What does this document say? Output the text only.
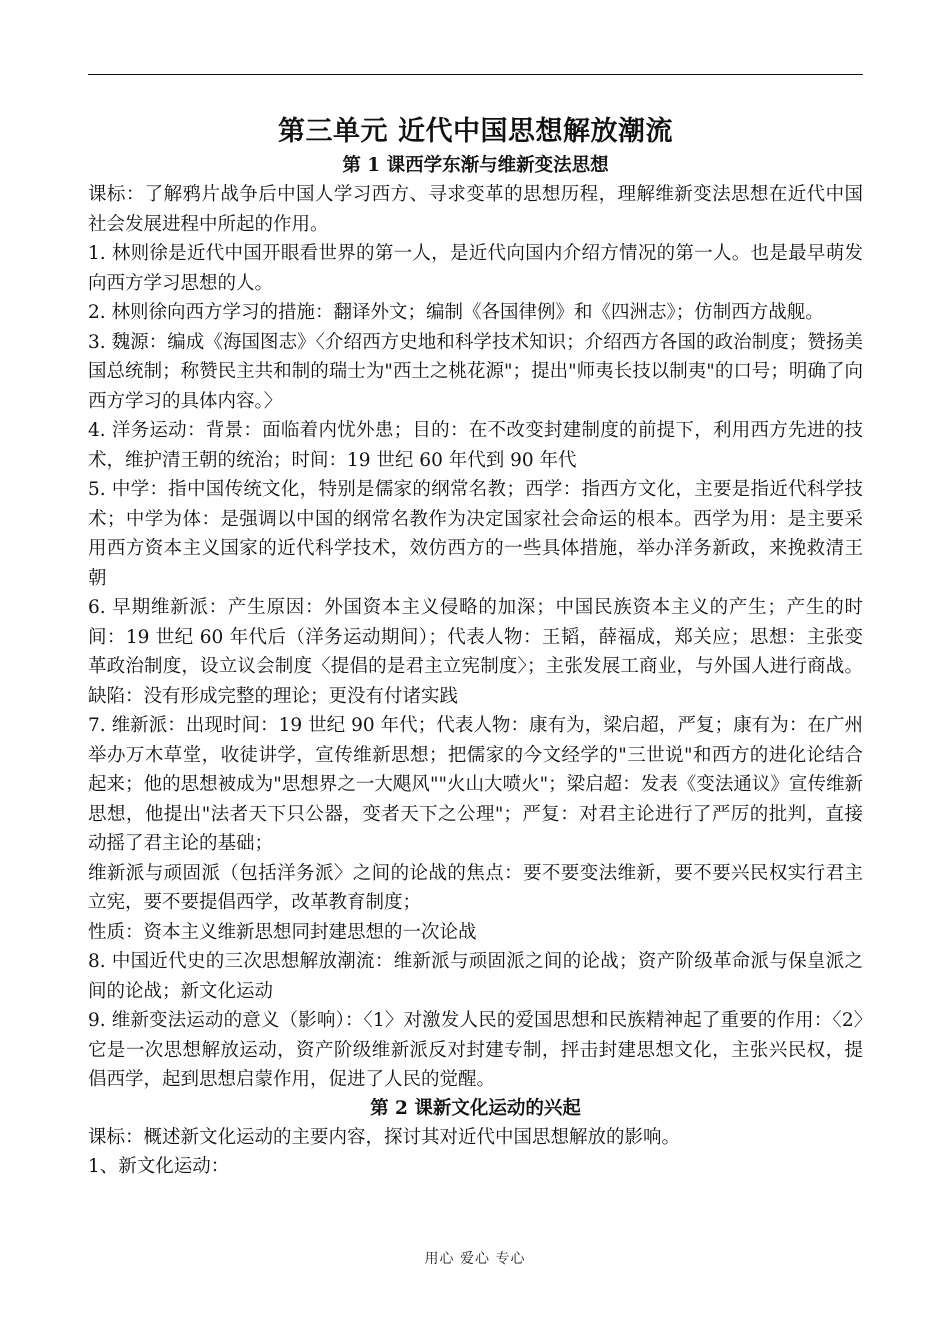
第三单元 近代中国思想解放潮流
第 1 课西学东渐与维新变法思想

课标：了解鸦片战争后中国人学习西方、寻求变革的思想历程，理解维新变法思想在近代中国社会发展进程中所起的作用。

1. 林则徐是近代中国开眼看世界的第一人，是近代向国内介绍方情况的第一人。也是最早萌发向西方学习思想的人。

2. 林则徐向西方学习的措施：翻译外文；编制《各国律例》和《四洲志》；仿制西方战舰。

3. 魏源：编成《海国图志》〈介绍西方史地和科学技术知识；介绍西方各国的政治制度；赞扬美国总统制；称赞民主共和制的瑞士为"西土之桃花源"；提出"师夷长技以制夷"的口号；明确了向西方学习的具体内容。〉

4. 洋务运动：背景：面临着内忧外患；目的：在不改变封建制度的前提下，利用西方先进的技术，维护清王朝的统治；时间：19 世纪 60 年代到 90 年代

5. 中学：指中国传统文化，特别是儒家的纲常名教；西学：指西方文化，主要是指近代科学技术；中学为体：是强调以中国的纲常名教作为决定国家社会命运的根本。西学为用：是主要采用西方资本主义国家的近代科学技术，效仿西方的一些具体措施，举办洋务新政，来挽救清王朝

6. 早期维新派：产生原因：外国资本主义侵略的加深；中国民族资本主义的产生；产生的时间：19 世纪 60 年代后（洋务运动期间）；代表人物：王韬，薛福成，郑关应；思想：主张变革政治制度，设立议会制度〈提倡的是君主立宪制度〉；主张发展工商业，与外国人进行商战。缺陷：没有形成完整的理论；更没有付诸实践

7. 维新派：出现时间：19 世纪 90 年代；代表人物：康有为，梁启超，严复；康有为：在广州举办万木草堂，收徒讲学，宣传维新思想；把儒家的今文经学的"三世说"和西方的进化论结合起来；他的思想被成为"思想界之一大飓风""火山大喷火"；梁启超：发表《变法通议》宣传维新思想，他提出"法者天下只公器，变者天下之公理"；严复：对君主论进行了严厉的批判，直接动摇了君主论的基础；

维新派与顽固派（包括洋务派〉之间的论战的焦点：要不要变法维新，要不要兴民权实行君主立宪，要不要提倡西学，改革教育制度；

性质：资本主义维新思想同封建思想的一次论战

8. 中国近代史的三次思想解放潮流：维新派与顽固派之间的论战；资产阶级革命派与保皇派之间的论战；新文化运动

9. 维新变法运动的意义（影响）：〈1〉对激发人民的爱国思想和民族精神起了重要的作用：〈2〉它是一次思想解放运动，资产阶级维新派反对封建专制，抨击封建思想文化，主张兴民权，提倡西学，起到思想启蒙作用，促进了人民的觉醒。

第 2 课新文化运动的兴起

课标：概述新文化运动的主要内容，探讨其对近代中国思想解放的影响。

1、新文化运动：

用心 爱心 专心
